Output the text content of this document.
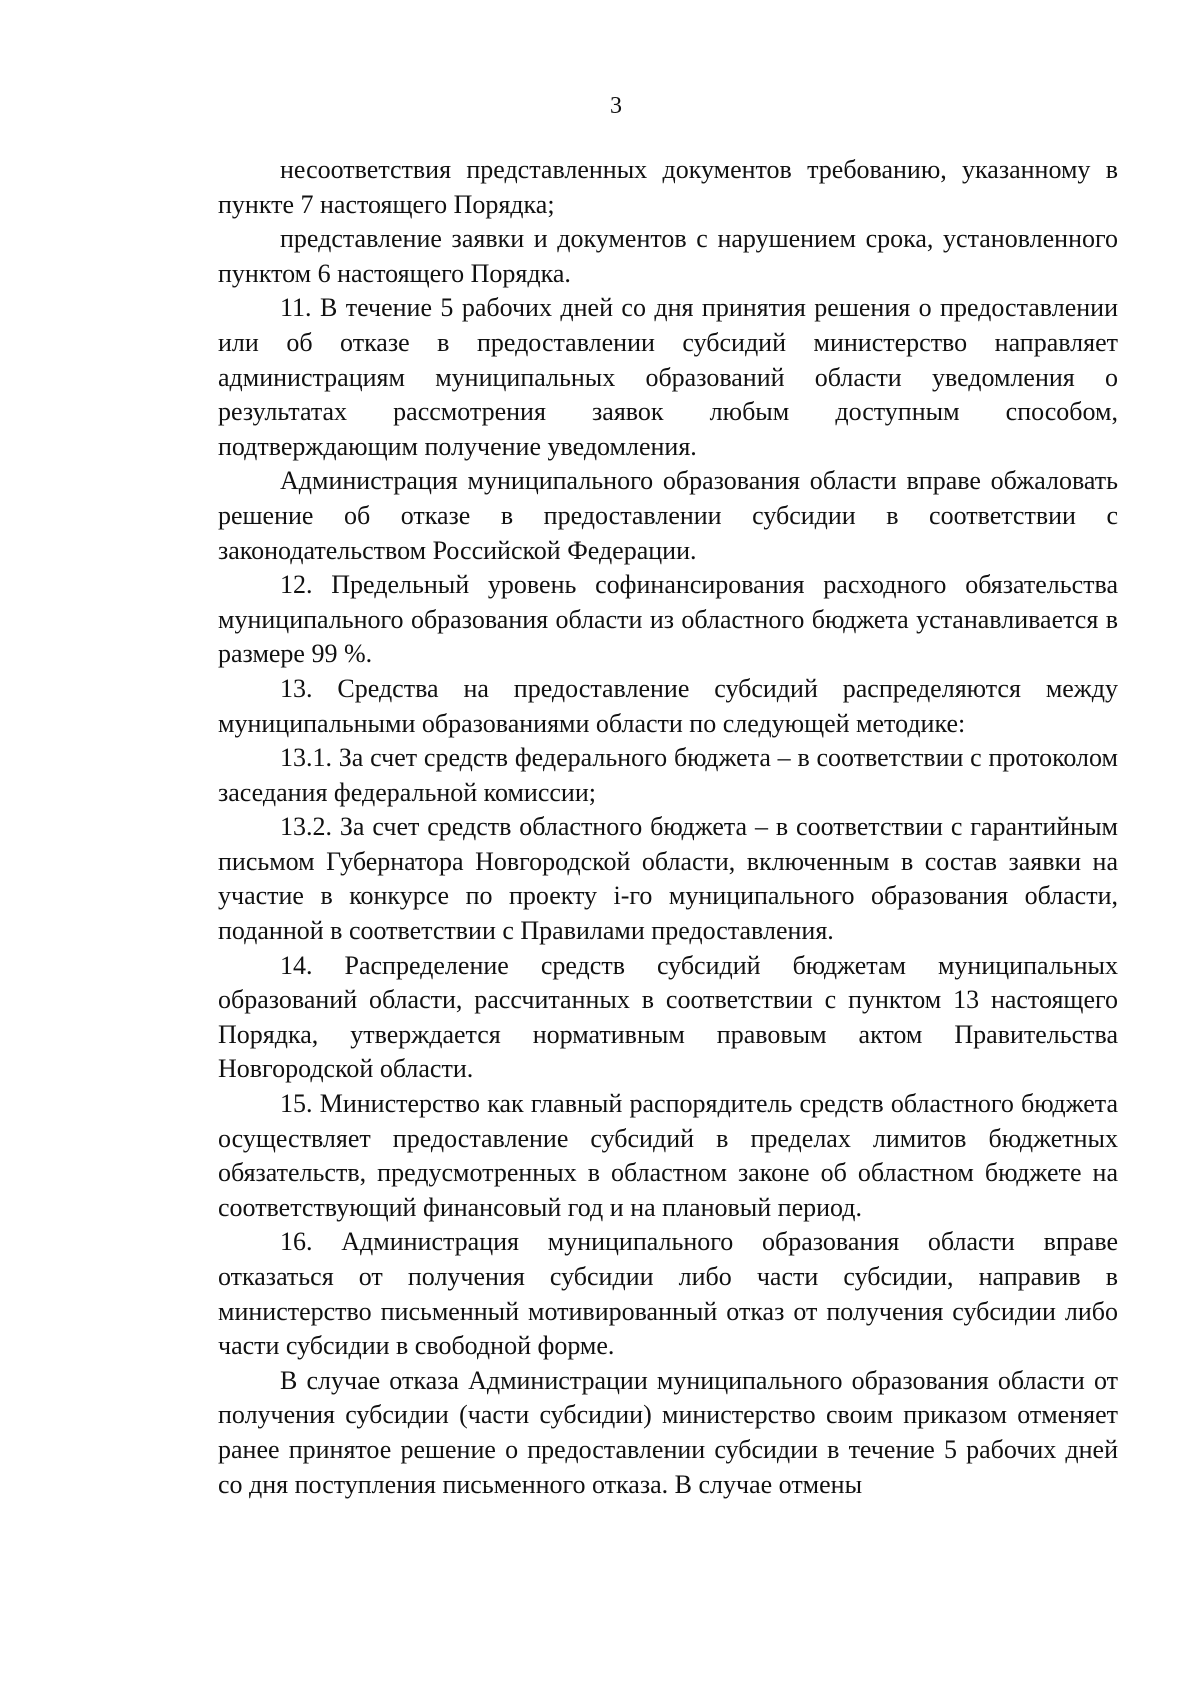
3

несоответствия представленных документов требованию, указанному в пункте 7 настоящего Порядка;

представление заявки и документов с нарушением срока, установленного пунктом 6 настоящего Порядка.

11. В течение 5 рабочих дней со дня принятия решения о предоставлении или об отказе в предоставлении субсидий министерство направляет администрациям муниципальных образований области уведомления о результатах рассмотрения заявок любым доступным способом, подтверждающим получение уведомления.

Администрация муниципального образования области вправе обжаловать решение об отказе в предоставлении субсидии в соответствии с законодательством Российской Федерации.

12. Предельный уровень софинансирования расходного обязательства муниципального образования области из областного бюджета устанавливается в размере 99 %.

13. Средства на предоставление субсидий распределяются между муниципальными образованиями области по следующей методике:

13.1. За счет средств федерального бюджета – в соответствии с протоколом заседания федеральной комиссии;

13.2. За счет средств областного бюджета – в соответствии с гарантийным письмом Губернатора Новгородской области, включенным в состав заявки на участие в конкурсе по проекту i-го муниципального образования области, поданной в соответствии с Правилами предоставления.

14. Распределение средств субсидий бюджетам муниципальных образований области, рассчитанных в соответствии с пунктом 13 настоящего Порядка, утверждается нормативным правовым актом Правительства Новгородской области.

15. Министерство как главный распорядитель средств областного бюджета осуществляет предоставление субсидий в пределах лимитов бюджетных обязательств, предусмотренных в областном законе об областном бюджете на соответствующий финансовый год и на плановый период.

16. Администрация муниципального образования области вправе отказаться от получения субсидии либо части субсидии, направив в министерство письменный мотивированный отказ от получения субсидии либо части субсидии в свободной форме.

В случае отказа Администрации муниципального образования области от получения субсидии (части субсидии) министерство своим приказом отменяет ранее принятое решение о предоставлении субсидии в течение 5 рабочих дней со дня поступления письменного отказа. В случае отмены
